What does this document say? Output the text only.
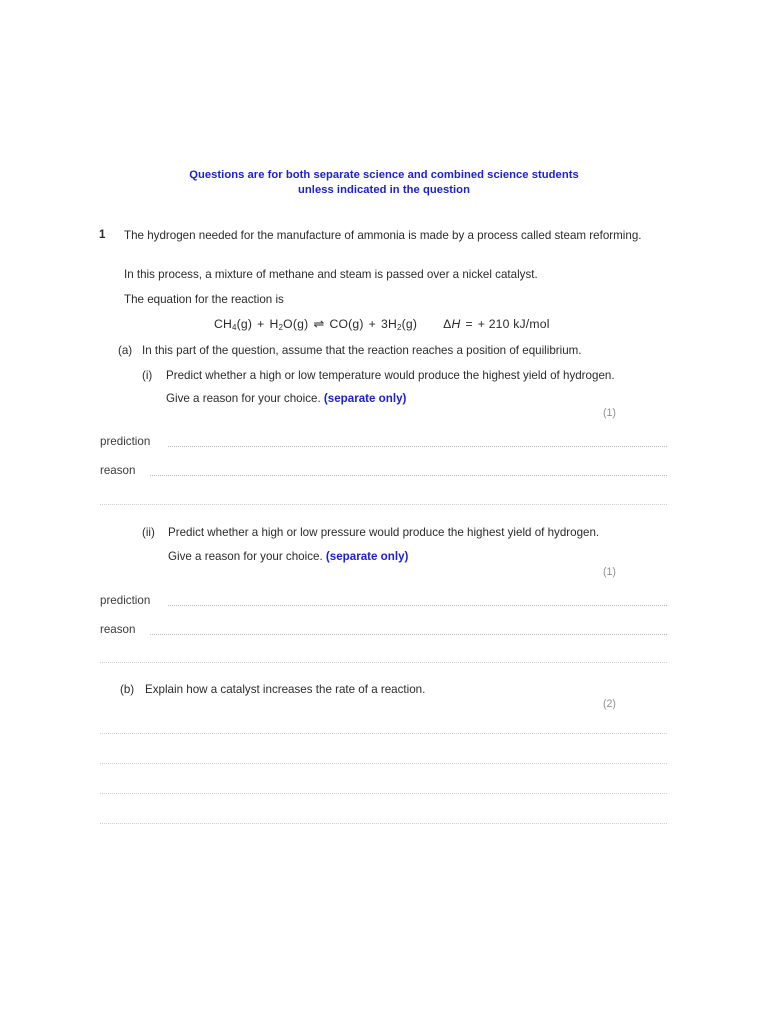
Questions are for both separate science and combined science students
unless indicated in the question
1 The hydrogen needed for the manufacture of ammonia is made by a process called steam reforming.
In this process, a mixture of methane and steam is passed over a nickel catalyst.
The equation for the reaction is
$CH_4(g) + H_2O(g)$ ⇌ $CO(g) + 3H_2(g) \Delta H$ = + 210 kJ/mol
(a) In this part of the question, assume that the reaction reaches a position of equilibrium.
(i) Predict whether a high or low temperature would produce the highest yield of hydrogen.
Give a reason for your choice. (separate only)
(1)
prediction
reason
(ii) Predict whether a high or low pressure would produce the highest yield of hydrogen.
Give a reason for your choice. (separate only)
(1)
prediction
reason
(b) Explain how a catalyst increases the rate of a reaction.
(2)
